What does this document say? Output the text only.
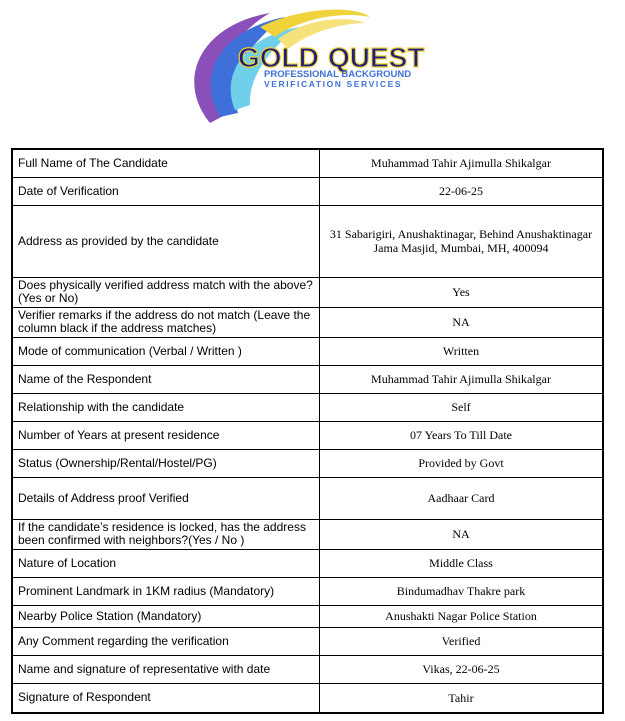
GOLD QUEST
PROFESSIONAL BACKGROUND
VERIFICATION SERVICES
Full Name of The Candidate	Muhammad Tahir Ajimulla Shikalgar
Date of Verification	22-06-25
Address as provided by the candidate	31 Sabarigiri, Anushaktinagar, Behind Anushaktinagar Jama Masjid, Mumbai, MH, 400094
Does physically verified address match with the above? (Yes or No)	Yes
Verifier remarks if the address do not match (Leave the column black if the address matches)	NA
Mode of communication (Verbal / Written )	Written
Name of the Respondent	Muhammad Tahir Ajimulla Shikalgar
Relationship with the candidate	Self
Number of Years at present residence	07 Years To Till Date
Status (Ownership/Rental/Hostel/PG)	Provided by Govt
Details of Address proof Verified	Aadhaar Card
If the candidate’s residence is locked, has the address been confirmed with neighbors?(Yes / No )	NA
Nature of Location	Middle Class
Prominent Landmark in 1KM radius (Mandatory)	Bindumadhav Thakre park
Nearby Police Station (Mandatory)	Anushakti Nagar Police Station
Any Comment regarding the verification	Verified
Name and signature of representative with date	Vikas, 22-06-25
Signature of Respondent	Tahir
